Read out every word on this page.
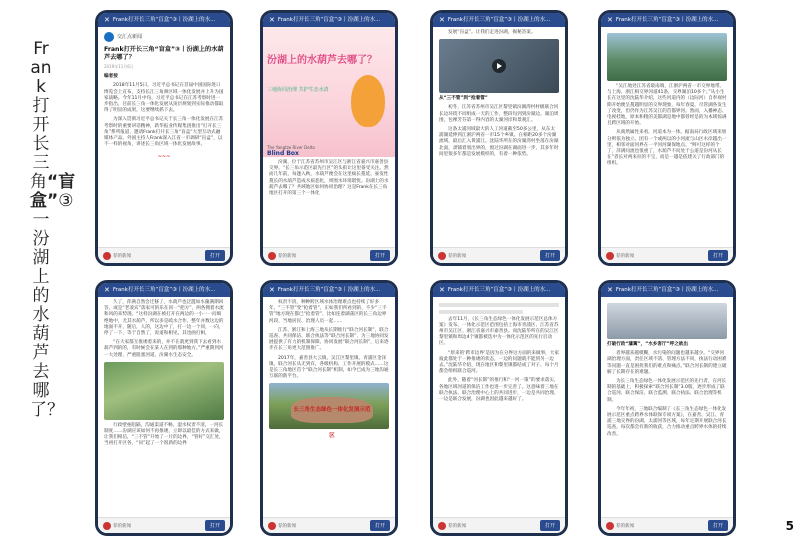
Frank 打开长三角“盲盒”③一汾湖上的水葫芦去哪了？
✕ Frank打开长三角“盲盒”③丨汾湖上的水...
交汇点新闻
Frank打开长三角“盲盒”③丨汾湖上的水葫芦去哪了？
2019年11月6日
编者按
2018年11月5日，习近平总书记在首届中国国际进口博览会上宣布，支持长江三角洲区域一体化发展并上升为国家战略。今年11月中旬，习近平总书记在江苏考察时进一步指出，目前长三角一体化发展从顶层规划到实际推动都取得了明显的成果，这要继续抓下去。
为深入贯彻习近平总书记关于长三角一体化发展在江苏考察时的重要讲话精神，新华报业传媒集团推出“打开长三角”系列报道，邀请Frank打开长三角“盲盒”大型互动式融媒体产品。外国主持人Frank深入江省一市调研“盲盒”，以不一样的视角，讲述长三角区域一体化发展故事。
~~~
荐的新闻	打开
✕ Frank打开长三角“盲盒”③丨汾湖上的水...
汾湖上的水葫芦去哪了？
三地协同治理 共护生态水清
The Yangtze River Delta
Blind Box
汾湖，位于江苏省苏州市吴江区与浙江省嘉兴市嘉善县交界。“长三角示范区最先行区”的头衔让这里备受关注。然而几年前，每逢入秋，水葫芦便会在这里疯长蔓延。豪发性蔓长的水葫芦造成水质恶化，周围水环境堪忧。汾湖上的水葫芦去哪了？共域地区如何协同治理？这是Frank在长三角地区打开的第三个一体化
荐的新闻	打开
✕ Frank打开长三角“盲盒”③丨汾湖上的水...
发展“盲盒”。让我们走进汾湖，揭秘答案。
从“三不管”到“抢着管”
初冬，江苏省苏州市吴江区黎里镇汾湖湾村村级联合河长边环绕不同组成一天的工作，整段旬到到汾湖边。湖泊周围，包裸芳芬第一得内容的太湖河岸和景观汇。
这条太浦河域最大的人工河道截至50多公里，从东太浦湖延伸到江浙沪两省一市15个乡镇。在相距20多个汾湖流域，最后汇入黄浦江。沈陆华所在的汾湖湾村坐落在汾湖北面，隶铺着划出界的，围过汾湖在湖面进一步，其多年时间里很多年都是发展模样的，有着一种依势。
荐的新闻	打开
✕ Frank打开长三角“盲盒”③丨汾湖上的水...
“吴江地处江苏省最南端，江浙沪两省一市交界地带。与上海、浙江相交界河道41条，交界湖泊10多个。”从小生长在这里的沈陆华介绍，这些河道内的（边际河）自奉视村期开始便呈蔓越明显的交界现象，每年春夏，尽管湖各发生了改变，但仍作为江苏吴江的首都界河。然而，入播神态、电视桂地，原本和粗的美都湖是地中都曾经是的为本域惊满且跨区域的开始。
从商然属性来看，河道本为一体。据南局行政区域来划分则依为独立。团有一个或两以的小河流与山区水岸越出一里，相邻对面河界在一平河河湖保地点。“鲜可这样的个了，萍满问流也很重了，水葫芦不问处于公道是汾河从长在”者长对两来拉的不宝，而是一越是依建关了行政部门的组织。
荐的新闻	打开
✕ Frank打开长三角“盲盒”③丨汾湖上的水...
久了，萍满自然会迁移了，水葫芦也泛滥如水藻满期回答，或是“老凌宾”落家可的乐在同一“把方”，两各拥着水流和风的来势现。“这样汾湖在被打开在两边的一小一一问细绝地中，尤其水葫芦，所以多是疏水合作，整年并数这边的地面不开，随后，人的，这边中了，打一边一个同，一向，停了一下，等于自然了，说道和相见，其也曲打相，
“在大家都互推诿着来的，并不在就更到我下去看到水葫芦到的的，有时候会在某人在到的那种地方。”严重期到河一大处理，严重阻塞河道，汾湖水生态安全。
行政壁垒阻隔，沟通渠道不畅，湿水权责不清，一河长制度……汾湖应该如何不再推诿，立即以最佳的方式来做，让我们相信，“三不管”开始了一片的边界，“管好”交汇处，当初打开区各，“问”起了一个很新的边界
荐的新闻	打开
✕ Frank打开长三角“盲盒”③丨汾湖上的水...
权责不清，种种跨区域水体治理难点也持续了好多年，“三不管”变“抢着管”，正如我们所看到的，不少“三不管”地方现在都已“抢着管”，比如连着湖荡区的长三角边界河段，当地居民、治理人员一起……
江苏、浙江和上海三地从长期推行“联合河长制”，联合巡查、共同保洁、联合执法等“联合河长制”，为三地协同发展提供了有力的机制保障。协同发展“联合河长制”，后来逐步在长三角更大范围推广。
2017年，嘉善县大云镇，吴江区黎里镇、青浦区金泽镇，联合河长从无到有，各级机构、工作开展的模式……这是长三角地区首个“联合河长制”机制，如今已成为三地沟通互联的新平台。
长三角生态绿色一体化发展示范区
荐的新闻	打开
✕ Frank打开长三角“盲盒”③丨汾湖上的水...
去年11月，《长三角生态绿色一体化发展示范区总体方案》发布，一体化示范区范围包括上海市青浦区、江苏省苏州市吴江区、浙江省嘉兴市嘉善县。而沈陆华所在的吴江区黎里镇和周边4个镇都被选中为一体化示范区的先行启动区。
“原来的‘跨市边界’是因为在分界这方面的来做事，大家彼此都处于一种推诿的状态，一边的问题就不能到另一边去。”沈陆华介绍，现在地区和黎里镇都结成了对子，每个月都会组织联合巡河。
此外，随着“河长制”的推行和“一河一策”的要求落实，各地区域河道的保洁工作也进一步完善了。这意味着三地在联合执法、联合治理中心上的共同进步，一边是共同治理、一边是联合发展，汾湖也因此越来越好了。
荐的新闻	打开
✕ Frank打开长三角“盲盒”③丨汾湖上的水...
打破行政“藩篱”，“水乡客厅”呼之欲出
者界越来越模糊，水污染的问题也越来越少。“交界河湖治理方面，责任区域不清、管理方法不同，执法行动困难等问题一直是困扰我们的难点和痛点。”联合河长制的建立破解了长期存在的难题。
为长三角生态绿色一体化发展示范区的先行者，在河长制的基础上，积极探索“联合河长制”3.0版，逐步形成了联合巡河、联合保洁、联合监测、联合执法、联合治理等机制。
今年年初，三地联合编制了《长三角生态绿色一体化发展示范区重点跨界水体联保专项方案》，在嘉善、吴江、青浦三地交界的汾湖、太浦河等区域，每年定期开展联合河长巡查，每次都会有新的收获，合力推动重点跨界水体的持续改善。
荐的新闻	打开	5
